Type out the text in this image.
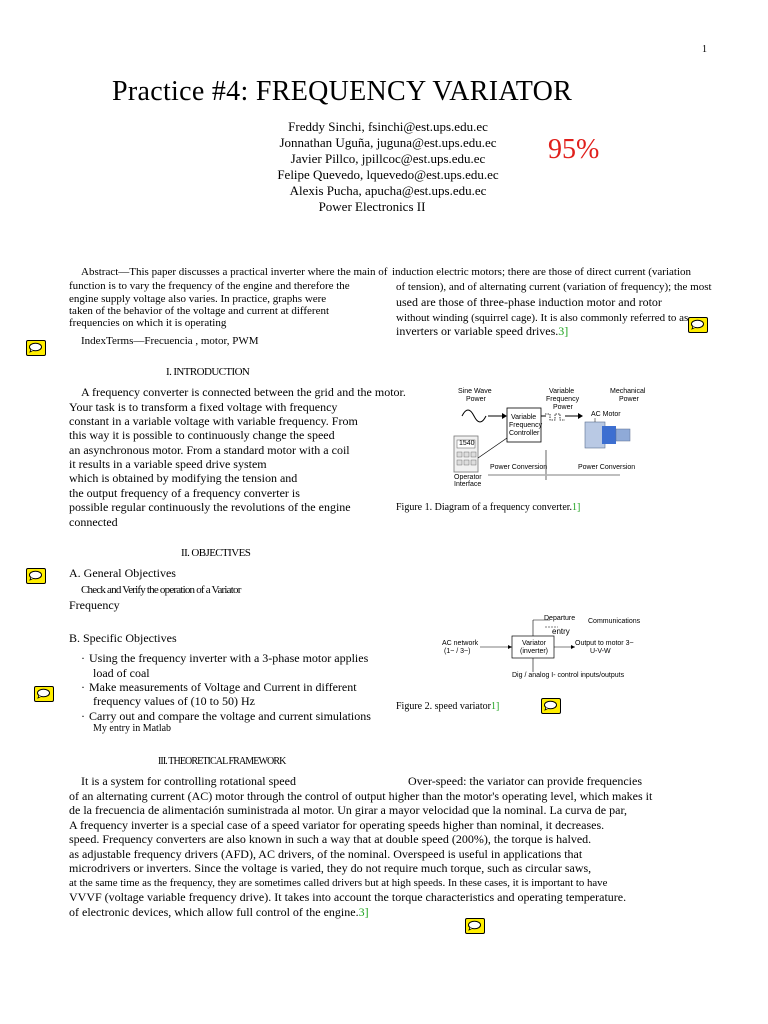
1
Practice #4: FREQUENCY VARIATOR
Freddy Sinchi, fsinchi@est.ups.edu.ec
Jonnathan Uguña, juguna@est.ups.edu.ec
Javier Pillco, jpillcoc@est.ups.edu.ec
Felipe Quevedo, lquevedo@est.ups.edu.ec
Alexis Pucha, apucha@est.ups.edu.ec
Power Electronics II
95%
Abstract—This paper discusses a practical inverter where the main of induction electric motors; there are those of direct current (variation
function is to vary the frequency of the engine and therefore the
engine supply voltage also varies. In practice, graphs were
taken of the behavior of the voltage and current at different
frequencies on which it is operating
of tension), and of alternating current (variation of frequency); the most
used are those of three-phase induction motor and rotor
without winding (squirrel cage). It is also commonly referred to as
inverters or variable speed drives.3]
IndexTerms—Frecuencia , motor, PWM
I. INTRODUCTION
A frequency converter is connected between the grid and the motor.
Your task is to transform a fixed voltage with frequency
constant in a variable voltage with variable frequency. From
this way it is possible to continuously change the speed
an asynchronous motor. From a standard motor with a coil
it results in a variable speed drive system
which is obtained by modifying the tension and
the output frequency of a frequency converter is
possible regular continuously the revolutions of the engine
connected
Sine Wave
Power
Variable
Frequency
Power
Mechanical
Power
Variable
Frequency
Controller
AC Motor
1540
Power Conversion	Power Conversion
Operator
Interface
Figure 1. Diagram of a frequency converter.1]
II. OBJECTIVES
A. General Objectives
Check and Verify the operation of a Variator
Frequency
B. Specific Objectives
· Using the frequency inverter with a 3-phase motor applies
load of coal
· Make measurements of Voltage and Current in different
frequency values of (10 to 50) Hz
· Carry out and compare the voltage and current simulations
My entry in Matlab
Departure
entry
Communications
AC network
(1~ / 3~)
Variator
(inverter)
Output to motor 3~
U-V-W
Dig / analog I- control inputs/outputs
Figure 2. speed variator1]
III. THEORETICAL FRAMEWORK
It is a system for controlling rotational speed	Over-speed: the variator can provide frequencies
of an alternating current (AC) motor through the control of output higher than the motor's operating level, which makes it
de la frecuencia de alimentación suministrada al motor. Un girar a mayor velocidad que la nominal. La curva de par,
A frequency inverter is a special case of a speed variator for operating speeds higher than nominal, it decreases.
speed. Frequency converters are also known in such a way that at double speed (200%), the torque is halved.
as adjustable frequency drivers (AFD), AC drivers, of the nominal. Overspeed is useful in applications that
microdrivers or inverters. Since the voltage is varied, they do not require much torque, such as circular saws,
at the same time as the frequency, they are sometimes called drivers but at high speeds. In these cases, it is important to have
VVVF (voltage variable frequency drive). It takes into account the torque characteristics and operating temperature.
of electronic devices, which allow full control of the engine.3]
